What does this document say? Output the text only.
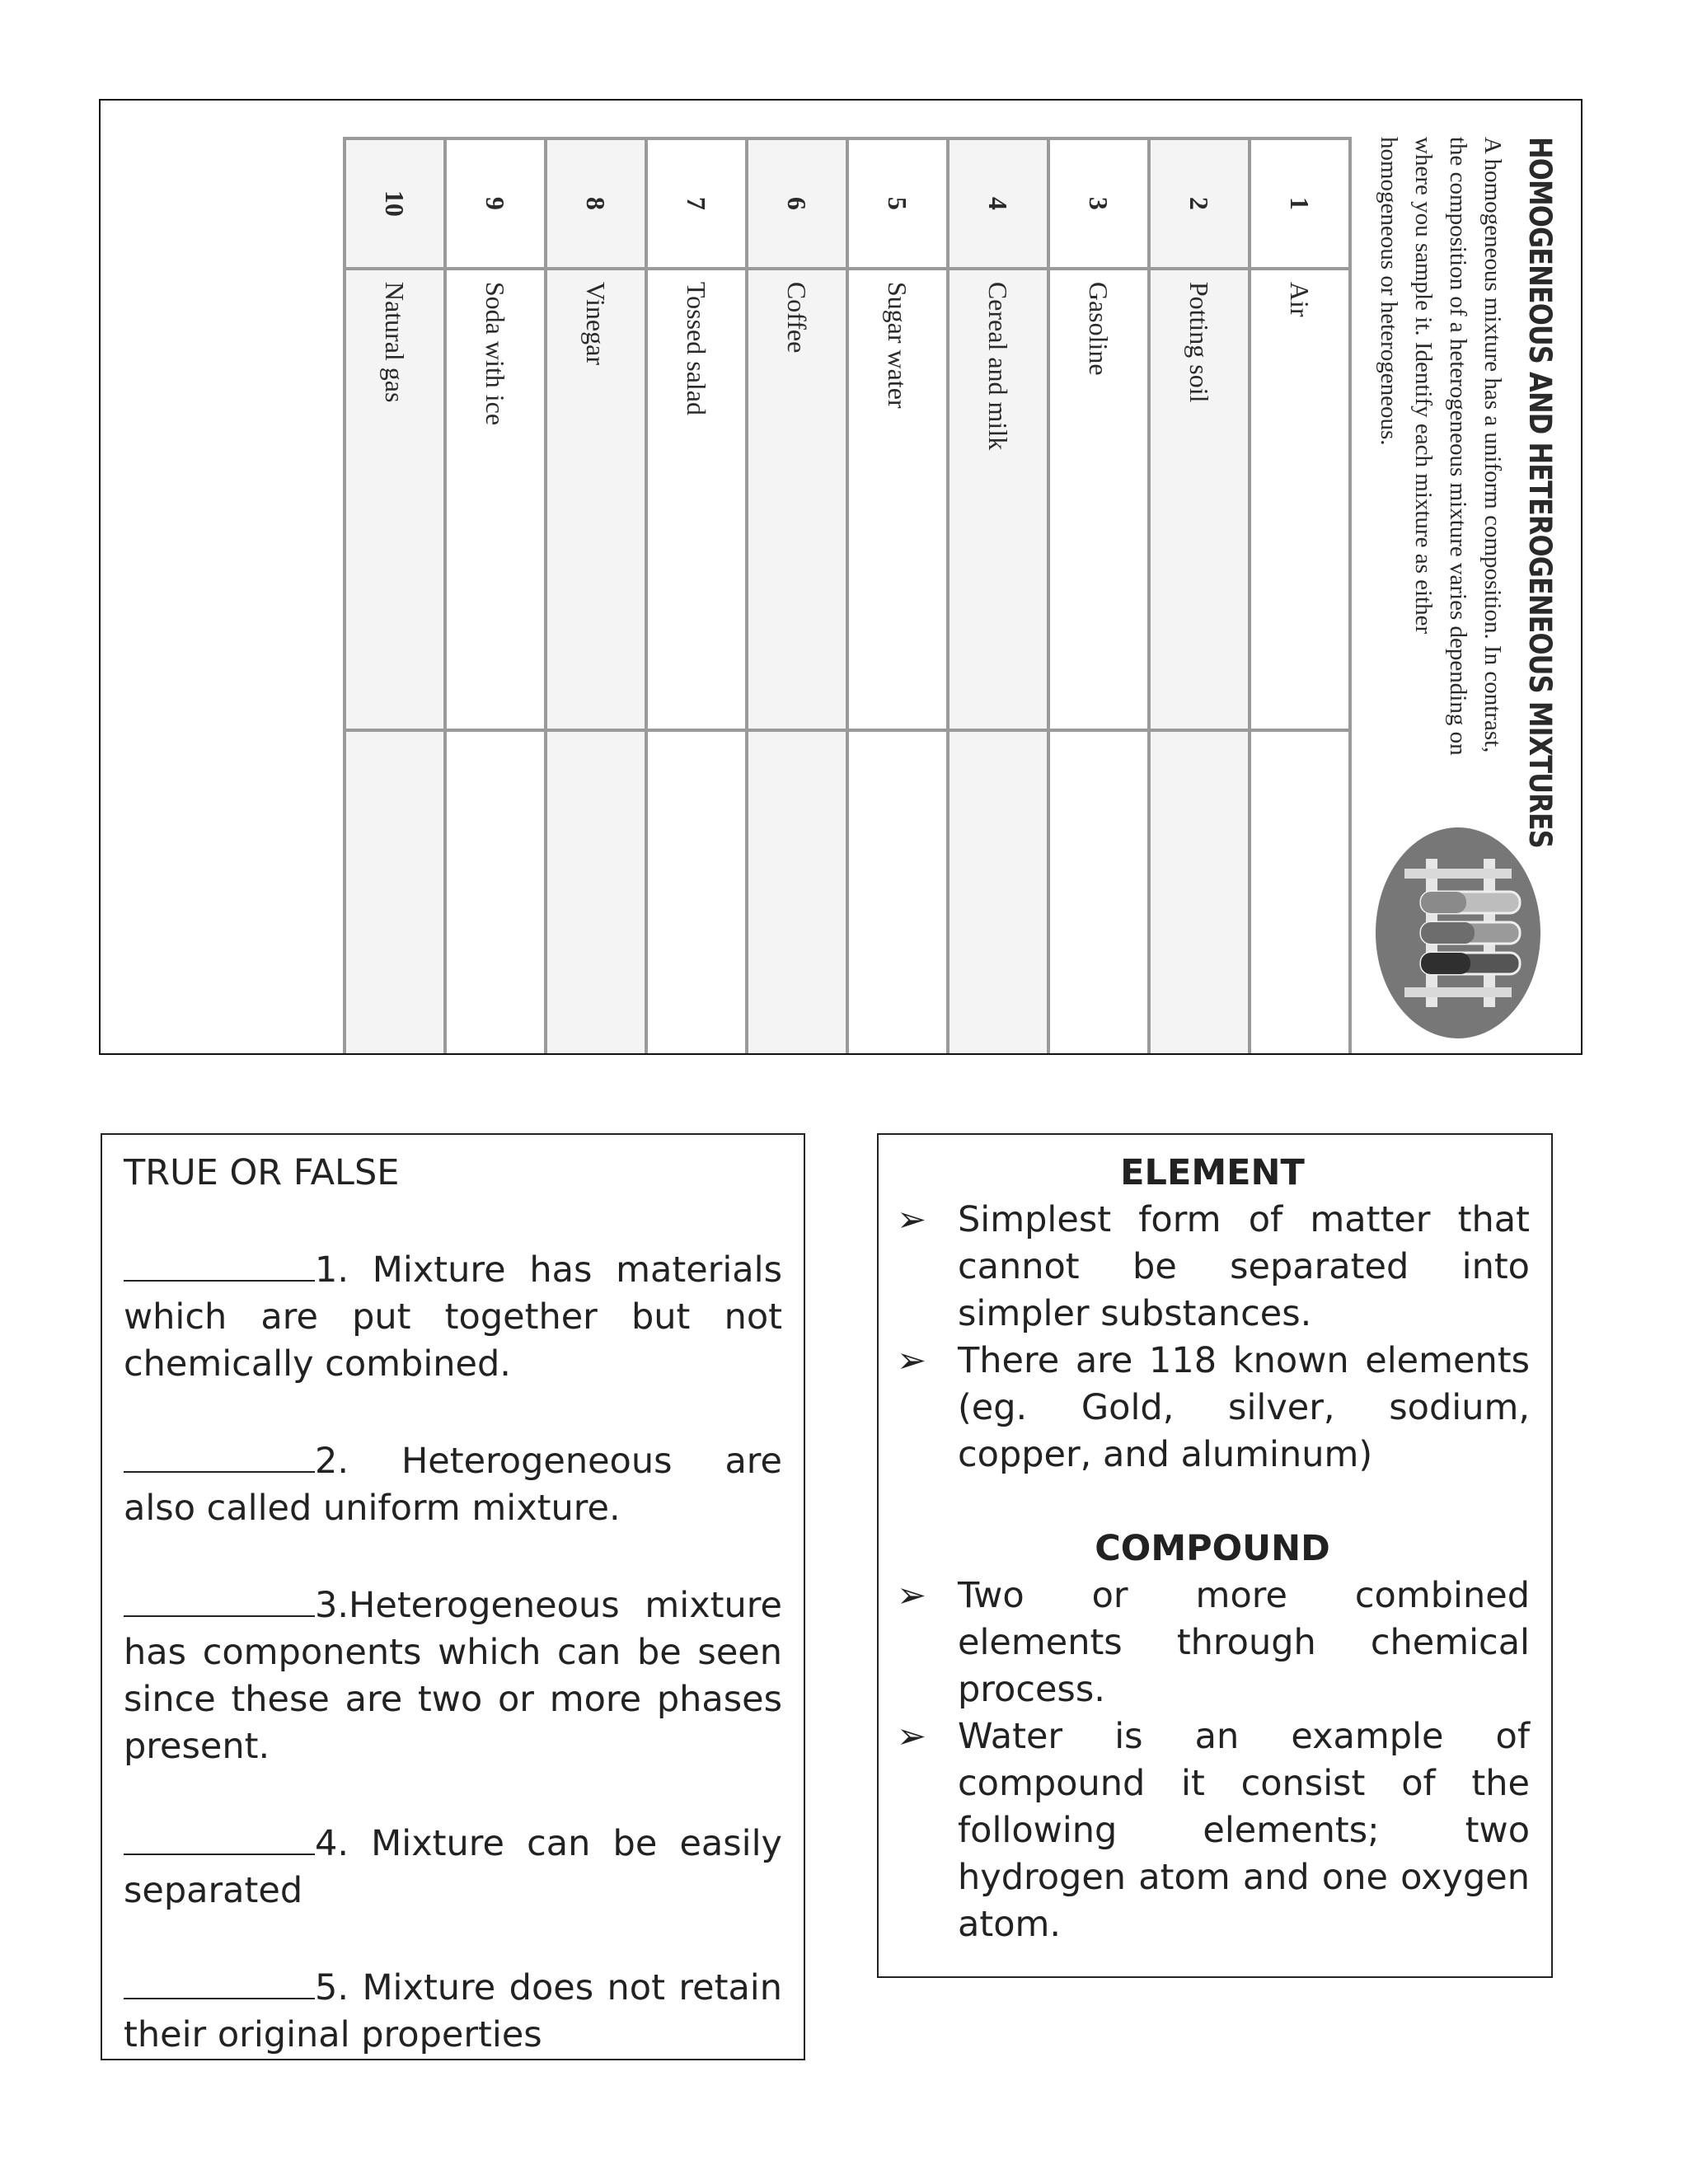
HOMOGENEOUS AND HETEROGENEOUS MIXTURES
A homogeneous mixture has a uniform composition. In contrast, the composition of a heterogeneous mixture varies depending on where you sample it. Identify each mixture as either homogeneous or heterogeneous.
1	Air	
2	Potting soil	
3	Gasoline	
4	Cereal and milk	
5	Sugar water	
6	Coffee	
7	Tossed salad	
8	Vinegar	
9	Soda with ice	
10	Natural gas	
TRUE OR FALSE
1. Mixture has materials which are put together but not chemically combined.
2. Heterogeneous are also called uniform mixture.
3.Heterogeneous mixture has components which can be seen since these are two or more phases present.
4. Mixture can be easily separated
5. Mixture does not retain their original properties
ELEMENT
➢ Simplest form of matter that cannot be separated into simpler substances.
➢ There are 118 known elements (eg. Gold, silver, sodium, copper, and aluminum)
COMPOUND
➢ Two or more combined elements through chemical process.
➢ Water is an example of compound it consist of the following elements; two hydrogen atom and one oxygen atom.
